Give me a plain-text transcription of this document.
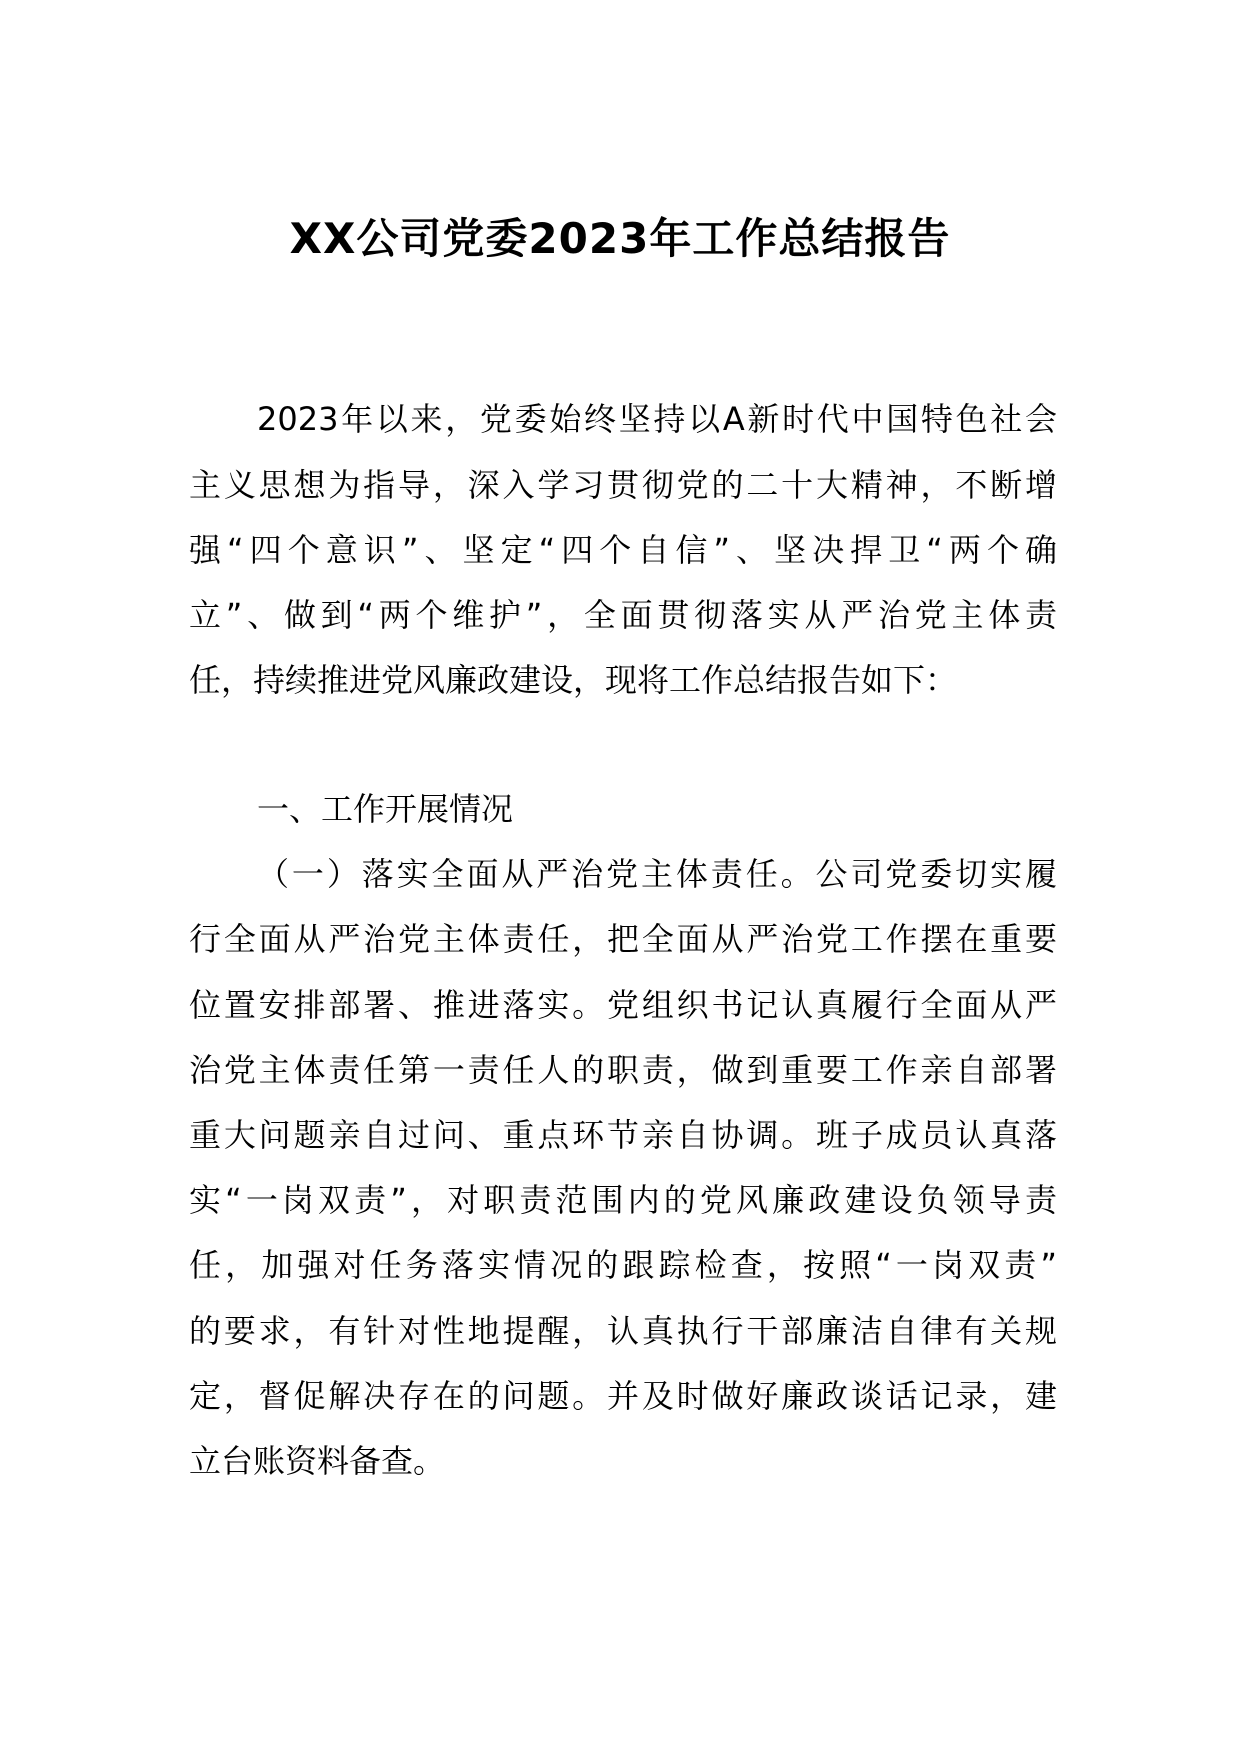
XX公司党委2023年工作总结报告
2023年以来，党委始终坚持以A新时代中国特色社会
主义思想为指导，深入学习贯彻党的二十大精神，不断增
强“四个意识”、坚定“四个自信”、坚决捍卫“两个确
立”、做到“两个维护”，全面贯彻落实从严治党主体责
任，持续推进党风廉政建设，现将工作总结报告如下：
一、工作开展情况
（一）落实全面从严治党主体责任。公司党委切实履
行全面从严治党主体责任，把全面从严治党工作摆在重要
位置安排部署、推进落实。党组织书记认真履行全面从严
治党主体责任第一责任人的职责，做到重要工作亲自部署
重大问题亲自过问、重点环节亲自协调。班子成员认真落
实“一岗双责”，对职责范围内的党风廉政建设负领导责
任，加强对任务落实情况的跟踪检查，按照“一岗双责”
的要求，有针对性地提醒，认真执行干部廉洁自律有关规
定，督促解决存在的问题。并及时做好廉政谈话记录，建
立台账资料备查。
